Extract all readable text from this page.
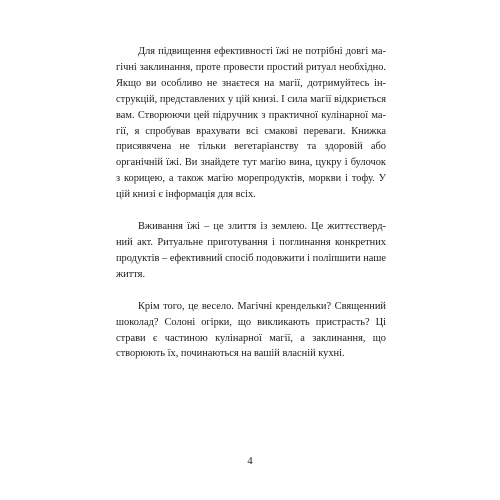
Для підвищення ефективності їжі не потрібні довгі магічні заклинання, проте провести простий ритуал необхідно. Якщо ви особливо не знаєтеся на магії, дотримуйтесь інструкцій, представлених у цій книзі. І сила магії відкриється вам. Створюючи цей підручник з практичної кулінарної магії, я спробував врахувати всі смакові переваги. Книжка присявячена не тільки вегетаріанству та здоровій або органічній їжі. Ви знайдете тут магію вина, цукру і булочок з корицею, а також магію морепродуктів, моркви і тофу. У цій книзі є інформація для всіх.

Вживання їжі – це злиття із землею. Це життєствердний акт. Ритуальне приготування і поглинання конкретних продуктів – ефективний спосіб подовжити і поліпшити наше життя.

Крім того, це весело. Магічні крендельки? Священний шоколад? Солоні огірки, що викликають пристрасть? Ці страви є частиною кулінарної магії, а заклинання, що створюють їх, починаються на вашій власній кухні.

4
